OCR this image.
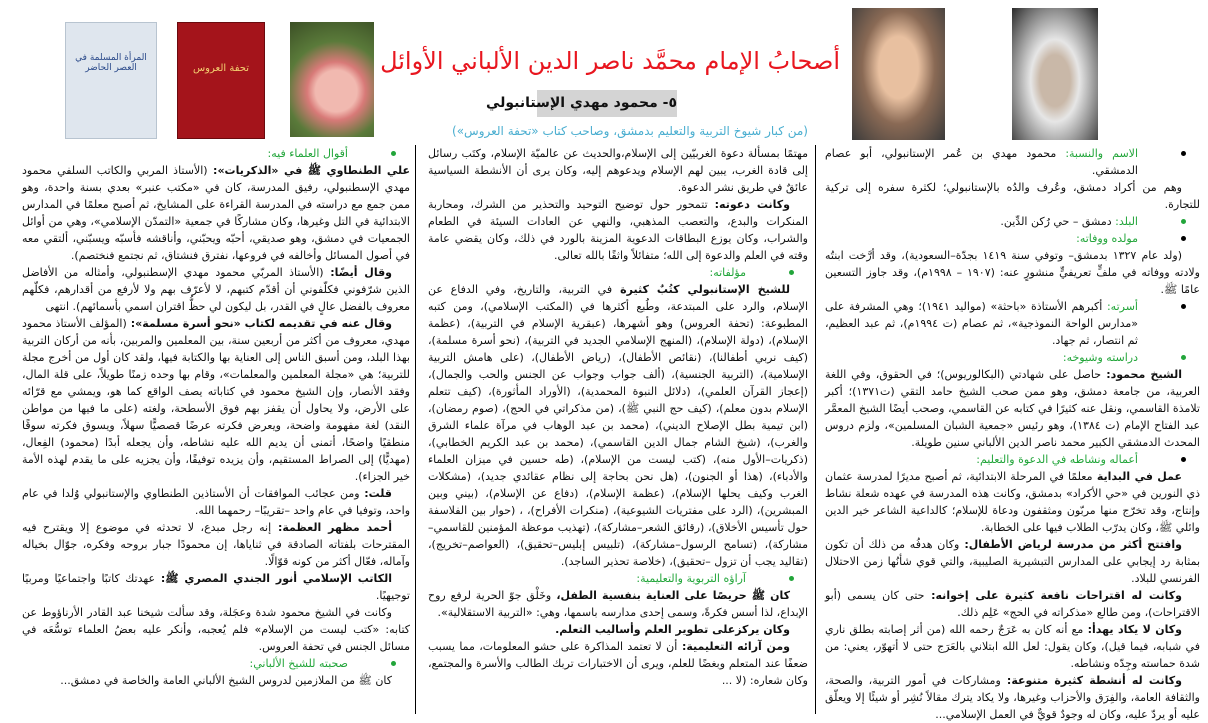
المرأة المسلمة في العصر الحاضر	تحفة العروس	أصحابُ الإمام محمَّد ناصر الدين الألباني الأوائل
٥- محمود مهدي الإستانبولي
(من كبار شيوخ التربية والتعليم بدمشق، وصاحب كتاب «تحفة العروس»)
الاسم والنسبة: محمود مهدي بن عُمر الإستانبولي، أبو عصام الدمشقي.
وهم من أكراد دمشق، وعُرف والدُه بالإستانبولي؛ لكثرة سفره إلى تركية للتجارة.
البلد: دمشق – حي رُكن الدِّين.
مولده ووفاته:
(ولد عام ١٣٢٧ بدمشق– وتوفي سنة ١٤١٩ بجدّة–السعودية)، وقد أرَّخت ابنتُه ولادته ووفاته في ملفٍّ تعريفيٍّ منشورٍ عنه: (١٩٠٧ – ١٩٩٨م)، وقد جاوز التسعين عامًا ﷺ.
أسرته: أكبرهم الأستاذة «باحثة» (مواليد ١٩٤١)؛ وهي المشرفة على «مدارس الواحة النموذجية»، ثم عصام (ت ١٩٩٤م)، ثم عبد العظيم، ثم انتصار، ثم جهاد.
دراسته وشيوخه:
الشيخ محمود: حاصل على شهادتي (البكالوريوس)؛ في الحقوق، وفي اللغة العربية، من جامعة دمشق، وهو ممن صحب الشيخ حامد التقي (ت١٣٧١)؛ أكبر تلامذة القاسمي، ونقل عنه كثيرًا في كتابه عن القاسمي، وصحب أيضًا الشيخ المعمَّر عبد الفتاح الإمام (ت ١٣٨٤)، وهو رئيس «جمعية الشبان المسلمين»، ولزم دروس المحدث الدمشقي الكبير محمد ناصر الدين الألباني سنين طويلة.
أعماله ونشاطه في الدعوة والتعليم:
عمل في البداية معلمًا في المرحلة الابتدائية، ثم أصبح مديرًا لمدرسة عثمان ذي النورين في «حي الأكراد» بدمشق، وكانت هذه المدرسة في عهده شعلة نشاط وإنتاج، وقد تخرّج منها مربّون ومثقفون ودعاة للإسلام؛ كالداعية الشاعر خير الدين وائلي ﷺ، وكان يدرّب الطلاب فيها على الخطابة.
وافتتح أكثر من مدرسة لرياض الأطفال: وكان هدفُه من ذلك أن تكون بمثابة رد إيجابي على المدارس التبشيرية الصليبية، والتي قوي شأنُها زمن الاحتلال الفرنسي للبلاد.
وكانت له اقتراحات نافعة كثيرة على إخوانه: حتى كان يسمى (أبو الاقتراحات)، ومن طالع «مذكراته في الحج» عَلِم ذلك.
وكان لا يكاد يهدأ: مع أنه كان به عَرَجٌ رحمه الله (من أثر إصابته بطلق ناري في شبابه، فيما قيل)، وكان يقول: لعل الله ابتلاني بالعَرَج حتى لا أتهوّر، يعني: من شدة حماسته وجِدّه ونشاطه.
وكانت له أنشطة كثيرة متنوعة: ومشاركات في أمور التربية، والصحة، والثقافة العامة، والفِرَق والأحزاب وغيرها، ولا يكاد يترك مقالاً نُشِر أو شيئًا إلا ويعلّق عليه أو يردّ عليه، وكان له وجودٌ قويٌّ في العمل الإسلامي...
مهتمًا بمسألة دعوة الغربيّين إلى الإسلام،والحديث عن عالميّة الإسلام، وكتَب رسائل إلى قادة الغرب، يبين لهم الإسلام ويدعوهم إليه، وكان يرى أن الأنشطة السياسية عائقٌ في طريق نشر الدعوة.
وكانت دعوته: تتمحور حول توضيح التوحيد والتحذير من الشرك، ومحاربة المنكرات والبدع، والتعصب المذهبي، والنهي عن العادات السيئة في الطعام والشراب، وكان يوزع البطاقات الدعوية المزينة بالورد في ذلك، وكان يقضي عامة وقته في العلم والدعوة إلى الله؛ متفائلاً واثقًا بالله تعالى.
مؤلفاته:
للشيخ الإستانبولي كتُبٌ كثيرة في التربية، والتاريخ، وفي الدفاع عن الإسلام، والرد على المبتدعة، وطُبع أكثرها في (المكتب الإسلامي)، ومن كتبه المطبوعة: (تحفة العروس) وهو أشهرها، (عبقرية الإسلام في التربية)، (عظمة الإسلام)، (دولة الإسلام)، (المنهج الإسلامي الجديد في التربية)، (نحو أسرة مسلمة)، (كيف نربي أطفالنا)، (نقائص الأطفال)، (رياض الأطفال)، (على هامش التربية الإسلامية)، (التربية الجنسية)، (ألف جواب وجواب عن الجنس والحب والجمال)، (إعجاز القرآن العلمي)، (دلائل النبوة المحمدية)، (الأوراد المأثورة)، (كيف تتعلم الإسلام بدون معلم)، (كيف حج النبي ﷺ)، (من مذكراتي في الحج)، (صوم رمضان)، (ابن تيمية بطل الإصلاح الديني)، (محمد بن عبد الوهاب في مرآة علماء الشرق والغرب)، (شيخ الشام جمال الدين القاسمي)، (محمد بن عبد الكريم الخطابي)، (ذكريات–الأول منه)، (كتب ليست من الإسلام)، (طه حسين في ميزان العلماء والأدباء)، (هذا أو الجنون)، (هل نحن بحاجة إلى نظام عقائدي جديد)، (مشكلات الغرب وكيف يحلها الإسلام)، (عظمة الإسلام)، (دفاع عن الإسلام)، (بيني وبين المبشرين)، (الرد على مفتريات الشيوعية)، (منكرات الأفراح)، ، (حوار بين الفلاسفة حول تأسيس الأخلاق)، (رقائق الشعر–مشاركة)، (تهذيب موعظة المؤمنين للقاسمي– مشاركة)، (تسامح الرسول–مشاركة)، (تلبيس إبليس–تحقيق)، (العواصم–تخريج)، (تقاليد يجب أن تزول –تحقيق)، (خلاصة تحذير الساجد).
آراؤه التربوية والتعليمية:
كان ﷺ حريصًا على العناية بنفسية الطفل، وخَلْق جوّ الحرية لرفع روح الإبداع، لذا أسس فكرةً، وسمى إحدى مدارسه باسمها، وهي: «التربية الاستقلالية».
وكان يركزعلى تطوير العلم وأساليب التعلم.
ومن آرائه التعليمية: أن لا تعتمد المذاكرة على حشو المعلومات، مما يسبب ضعفًا عند المتعلم وبغضًا للعلم، ويرى أن الاختبارات تربك الطالب والأسرة والمجتمع، وكان شعاره: (لا ...
أقوال العلماء فيه:
علي الطنطاوي ﷺ في «الذكريات»: (الأستاذ المربي والكاتب السلفي محمود مهدي الإسطنبولي، رفيق المدرسة، كان في «مكتب عنبر» بعدي بسنة واحدة، وهو ممن جمع مع دراسته في المدرسة القراءة على المشايخ، ثم أصبح معلمًا في المدارس الابتدائية في التل وغيرها، وكان مشاركًا في جمعية «التمدّن الإسلامي»، وهي من أوائل الجمعيات في دمشق، وهو صديقي، أحبّه ويحبّني، وأناقشه فأسبّه ويسبّني، ألتقي معه في أصول المسائل وأخالفه في فروعها، نفترق فنشتاق، ثم نجتمع فنختصم).
وقال أيضًا: (الأستاذ المربّي محمود مهدي الإسطنبولي، وأمثاله من الأفاضل الذين شرّفوني فكلّفوني أن أقدّم كتبهم، لا لأعرّف بهم ولا لأرفع من أقدارهم، فكلّهم معروف بالفضل عالٍ في القدر، بل ليكون لي حظُّ اقتران اسمي بأسمائهم). انتهى
وقال عنه في تقديمه لكتاب «نحو أسرة مسلمة»: (المؤلف الأستاذ محمود مهدي، معروف من أكثر من أربعين سنة، بين المعلمين والمربين، بأنه من أركان التربية بهذا البلد، ومن أسبق الناس إلى العناية بها والكتابة فيها، ولقد كان أول من أخرج مجلة للتربية؛ هي «مجلة المعلمين والمعلمات»، وقام بها وحده زمنًا طويلاً، على قلة المال، وفقد الأنصار، وإن الشيخ محمود في كتاباته يصف الواقع كما هو، ويمشي مع قرّائه على الأرض، ولا يحاول أن يقفز بهم فوق الأسطحة، ولغته (على ما فيها من مواطن النقد) لغة مفهومة واضحة، ويعرض فكرته عرضًا قصصيًّا سهلاً، ويسوق فكرته سوقًا منطقيًا واضحًا، أتمنى أن يديم الله عليه نشاطه، وأن يجعله أبدًا (محمود) الفِعال، (مهديًّا) إلى الصراط المستقيم، وأن يزيده توفيقًا، وأن يجزيه على ما يقدم لهذه الأمة خير الجزاء).
قلت: ومن عجائب الموافقات أن الأستاذين الطنطاوي والإستانبولي وُلدا في عام واحد، وتوفيا في عام واحد –تقريبًا– رحمهما الله.
أحمد مظهر العظمة: إنه رجل مبدع، لا تحدثه في موضوع إلا ويقترح فيه المقترحات بلفتاته الصادقة في ثناياها، إن محمودًا جبار بروحه وفكره، جوّال بخياله وآماله، فعّال أكثر من كونه قوّالًا.
الكاتب الإسلامي أنور الجندي المصري ﷺ: عهدتك كاتبًا واجتماعيًا ومربيًا توجيهيًا.
وكانت في الشيخ محمود شدة وعجَلة، وقد سألت شيخنا عبد القادر الأرناؤوط عن كتابه: «كتب ليست من الإسلام» فلم يُعجبه، وأنكر عليه بعضُ العلماء توسُّعَه في مسائل الجنس في تحفة العروس.
صحبته للشيخ الألباني:
كان ﷺ من الملازمين لدروس الشيخ الألباني العامة والخاصة في دمشق...
